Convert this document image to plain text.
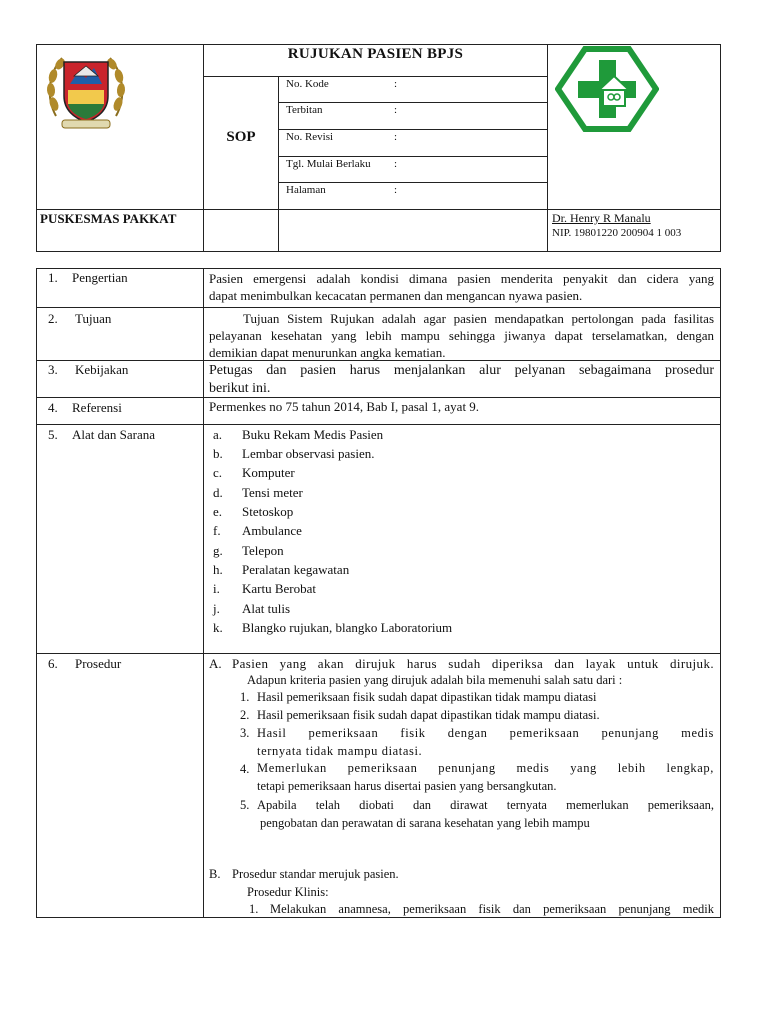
RUJUKAN PASIEN BPJS
SOP
No. Kode	:
Terbitan	:
No. Revisi	:
Tgl. Mulai Berlaku :
Halaman	:
PUSKESMAS PAKKAT	Dr. Henry R Manalu
NIP. 19801220 200904 1 003
1. Pengertian	Pasien emergensi adalah kondisi dimana pasien menderita penyakit dan cidera yang
dapat menimbulkan kecacatan permanen dan mengancan nyawa pasien.
2. Tujuan	Tujuan Sistem Rujukan adalah agar pasien mendapatkan pertolongan pada fasilitas
pelayanan kesehatan yang lebih mampu sehingga jiwanya dapat terselamatkan, dengan
demikian dapat menurunkan angka kematian.
3. Kebijakan	Petugas dan pasien harus menjalankan alur pelyanan sebagaimana prosedur
berikut ini.
4. Referensi	Permenkes no 75 tahun 2014, Bab I, pasal 1, ayat 9.
5. Alat dan Sarana	a. Buku Rekam Medis Pasien
b. Lembar observasi pasien.
c. Komputer
d. Tensi meter
e. Stetoskop
f. Ambulance
g. Telepon
h. Peralatan kegawatan
i. Kartu Berobat
j. Alat tulis
k. Blangko rujukan, blangko Laboratorium
6. Prosedur	A. Pasien yang akan dirujuk harus sudah diperiksa dan layak untuk dirujuk.
Adapun kriteria pasien yang dirujuk adalah bila memenuhi salah satu dari :
1. Hasil pemeriksaan fisik sudah dapat dipastikan tidak mampu diatasi
2. Hasil pemeriksaan fisik sudah dapat dipastikan tidak mampu diatasi.
3. Hasil pemeriksaan fisik dengan pemeriksaan penunjang medis
ternyata tidak mampu diatasi.
4. Memerlukan pemeriksaan penunjang medis yang lebih lengkap,
tetapi pemeriksaan harus disertai pasien yang bersangkutan.
5. Apabila telah diobati dan dirawat ternyata memerlukan pemeriksaan,
pengobatan dan perawatan di sarana kesehatan yang lebih mampu
B. Prosedur standar merujuk pasien.
Prosedur Klinis:
1. Melakukan anamnesa, pemeriksaan fisik dan pemeriksaan penunjang medik
